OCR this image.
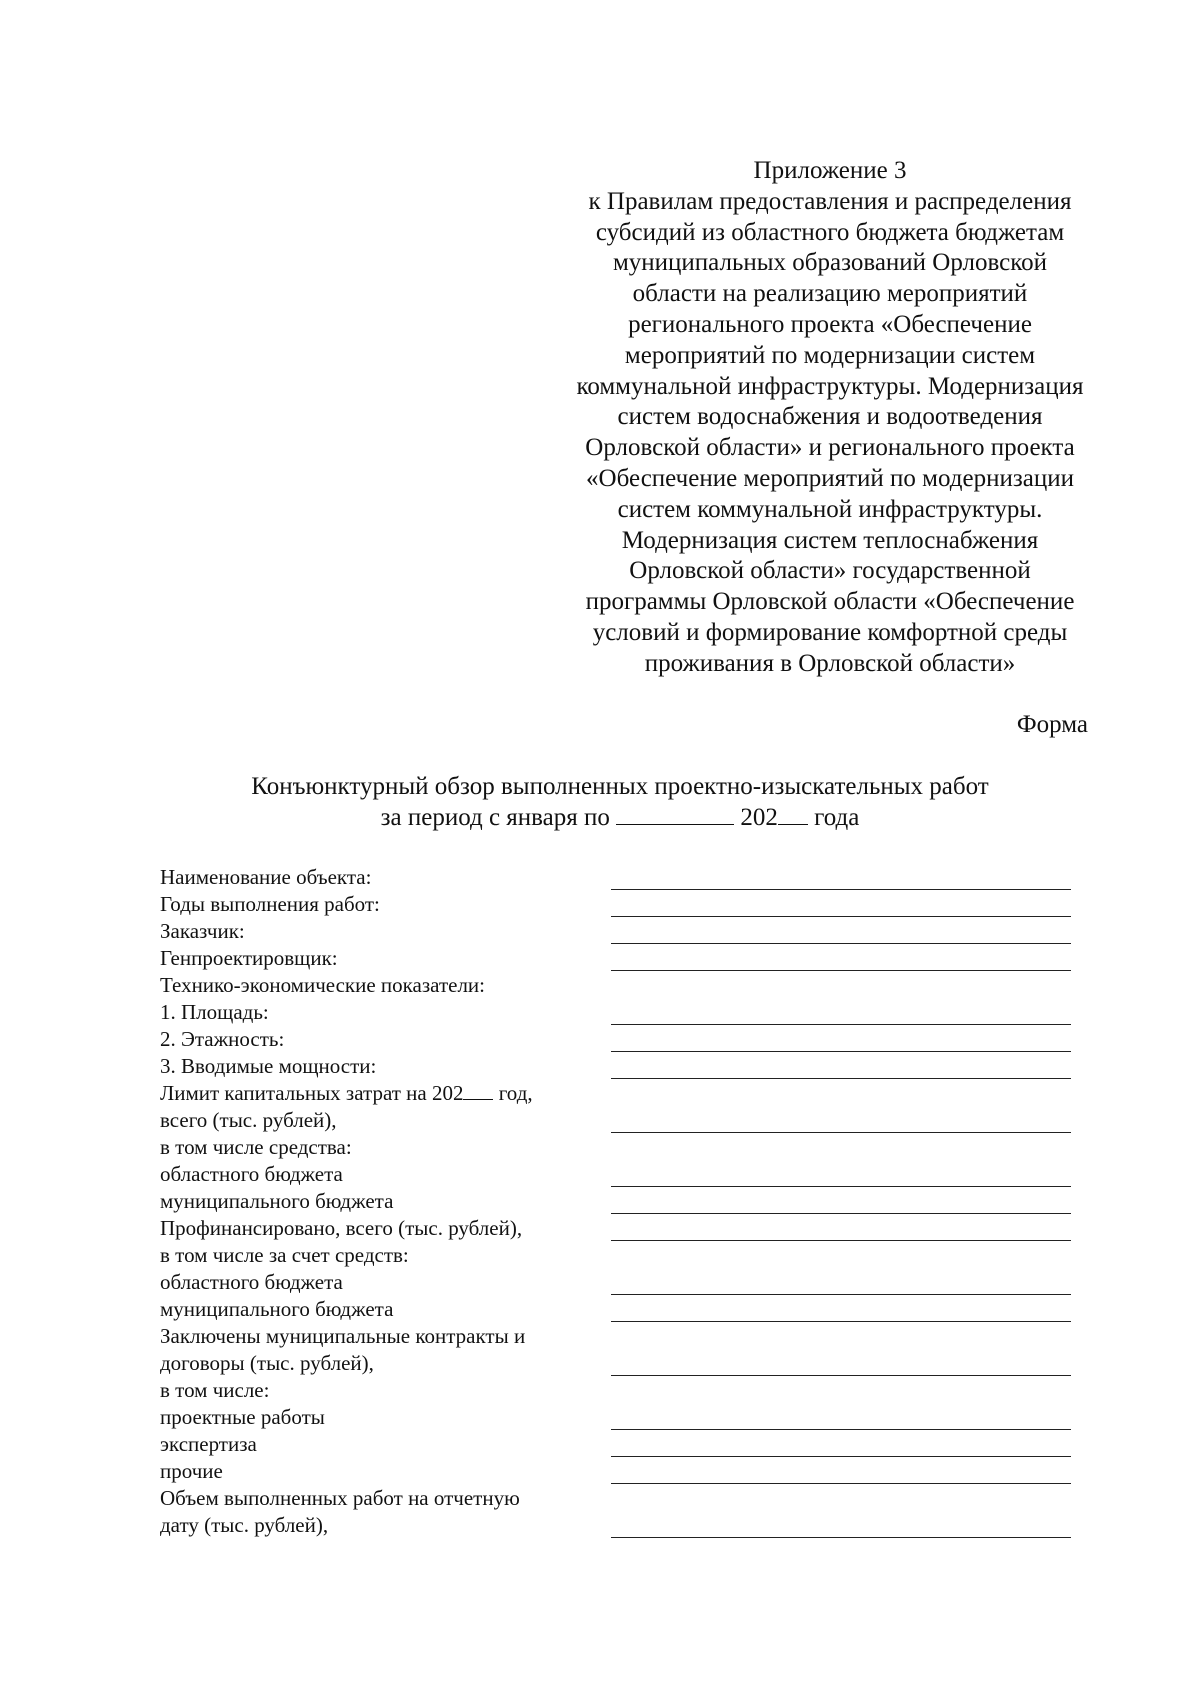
Приложение 3
к Правилам предоставления и распределения
субсидий из областного бюджета бюджетам
муниципальных образований Орловской
области на реализацию мероприятий
регионального проекта «Обеспечение
мероприятий по модернизации систем
коммунальной инфраструктуры. Модернизация
систем водоснабжения и водоотведения
Орловской области» и регионального проекта
«Обеспечение мероприятий по модернизации
систем коммунальной инфраструктуры.
Модернизация систем теплоснабжения
Орловской области» государственной
программы Орловской области «Обеспечение
условий и формирование комфортной среды
проживания в Орловской области»
Форма
Конъюнктурный обзор выполненных проектно-изыскательных работ
за период с января по	202 года
Наименование объекта:
Годы выполнения работ:
Заказчик:
Генпроектировщик:
Технико-экономические показатели:
1. Площадь:
2. Этажность:
3. Вводимые мощности:
Лимит капитальных затрат на 202 год,
всего (тыс. рублей),
в том числе средства:
областного бюджета
муниципального бюджета
Профинансировано, всего (тыс. рублей),
в том числе за счет средств:
областного бюджета
муниципального бюджета
Заключены муниципальные контракты и
договоры (тыс. рублей),
в том числе:
проектные работы
экспертиза
прочие
Объем выполненных работ на отчетную
дату (тыс. рублей),
